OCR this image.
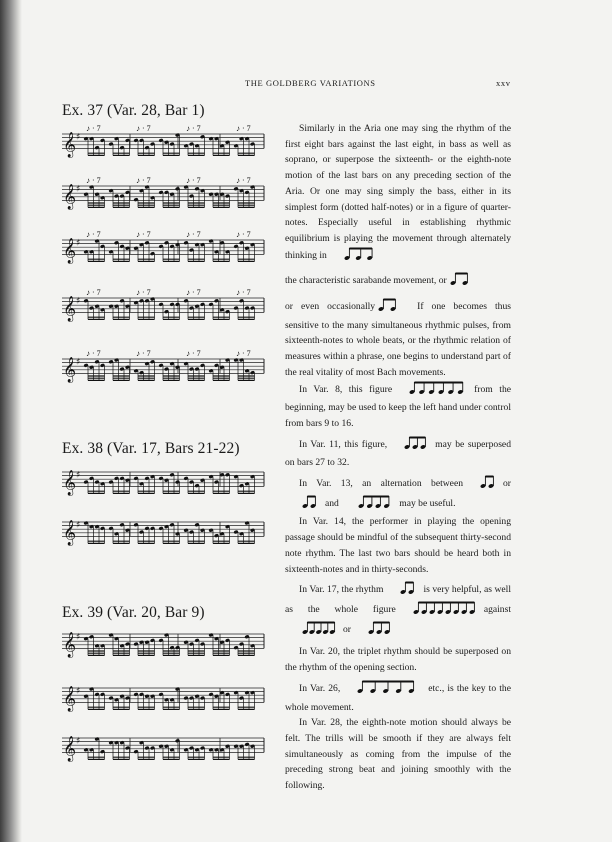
THE GOLDBERG VARIATIONS	xxv
Ex. 37 (Var. 28, Bar 1)
Ex. 38 (Var. 17, Bars 21-22)
Ex. 39 (Var. 20, Bar 9)
𝄞 ♯
♪ · 7	♪ · 7	♪ · 7	♪ · 7
𝄞 ♯
♪ · 7	♪ · 7	♪ · 7	♪ · 7
𝄞 ♯
♪ · 7	♪ · 7	♪ · 7	♪ · 7
𝄞 ♯
♪ · 7	♪ · 7	♪ · 7	♪ · 7
𝄞 ♯
♪ · 7	♪ · 7	♪ · 7	♪ · 7
𝄞 ♯
𝄞 ♯
𝄞 ♯
𝄞 ♯
𝄞 ♯

Similarly in the Aria one may sing the rhythm of the first eight bars against the last eight, in bass as well as soprano, or superpose the sixteenth- or the eighth-note motion of the last bars on any preceding section of the Aria. Or one may sing simply the bass, either in its simplest form (dotted half-notes) or in a figure of quarter-notes. Especially useful in establishing rhythmic equilibrium is playing the movement through alternately thinking in

the characteristic sarabande movement, or

or even occasionally	If one becomes thus sensitive to the many simultaneous rhythmic pulses, from sixteenth-notes to whole beats, or the rhythmic relation of measures within a phrase, one begins to understand part of the real vitality of most Bach movements.

In Var. 8, this figure	from the beginning, may be used to keep the left hand under control from bars 9 to 16.

In Var. 11, this figure,	may be superposed on bars 27 to 32.

In Var. 13, an alternation between	or and	may be useful.

In Var. 14, the performer in playing the opening passage should be mindful of the subsequent thirty-second note rhythm. The last two bars should be heard both in sixteenth-notes and in thirty-seconds.

In Var. 17, the rhythm	is very helpful, as well as the whole figure	against or

In Var. 20, the triplet rhythm should be superposed on the rhythm of the opening section.

In Var. 26,	etc., is the key to the whole movement.

In Var. 28, the eighth-note motion should always be felt. The trills will be smooth if they are always felt simultaneously as coming from the impulse of the preceding strong beat and joining smoothly with the following.
